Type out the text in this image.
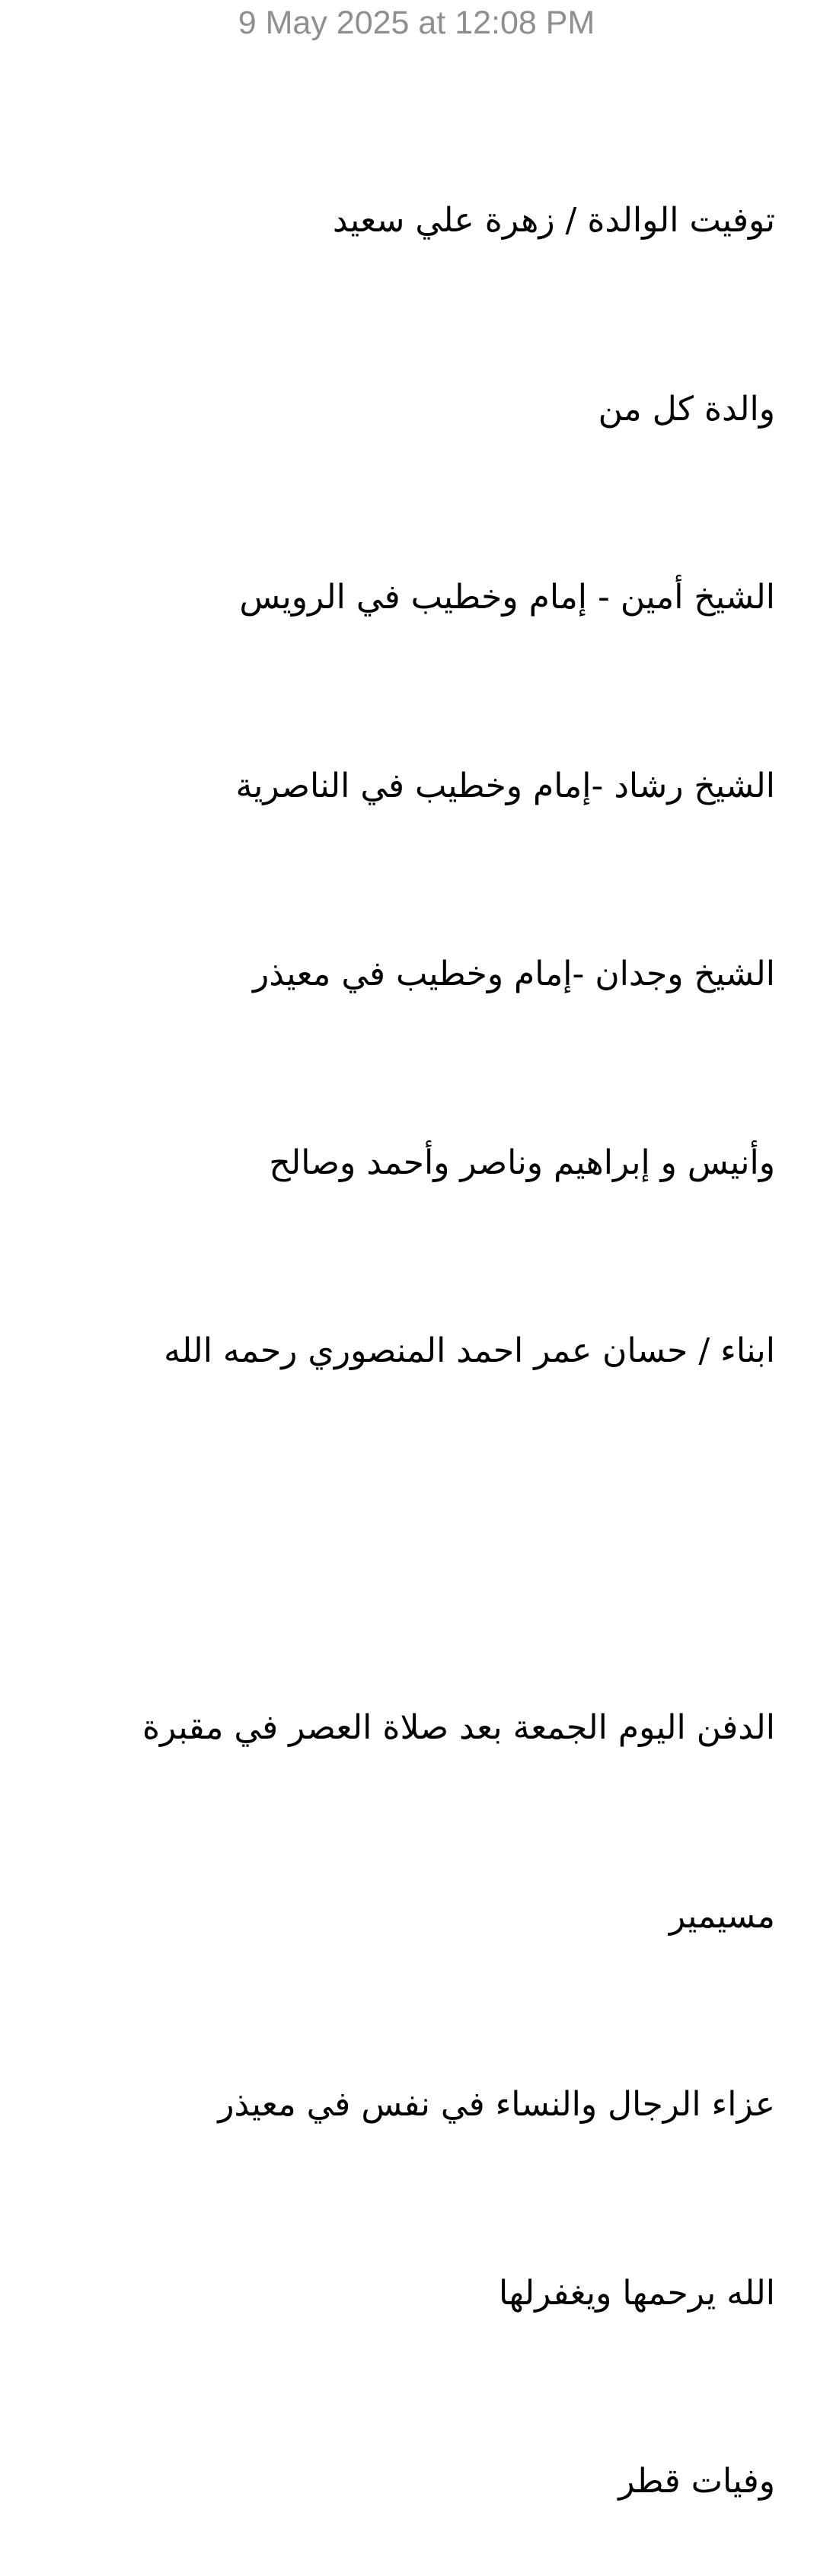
9 May 2025 at 12:08 PM

توفيت الوالدة / زهرة علي سعيد

والدة كل من

الشيخ أمين - إمام وخطيب في الرويس

الشيخ رشاد -إمام وخطيب في الناصرية

الشيخ وجدان -إمام وخطيب في معيذر

وأنيس و إبراهيم وناصر وأحمد وصالح

ابناء / حسان عمر احمد المنصوري رحمه الله

الدفن اليوم الجمعة بعد صلاة العصر في مقبرة

مسيمير

عزاء الرجال والنساء في نفس في معيذر

الله يرحمها ويغفرلها

وفيات قطر
